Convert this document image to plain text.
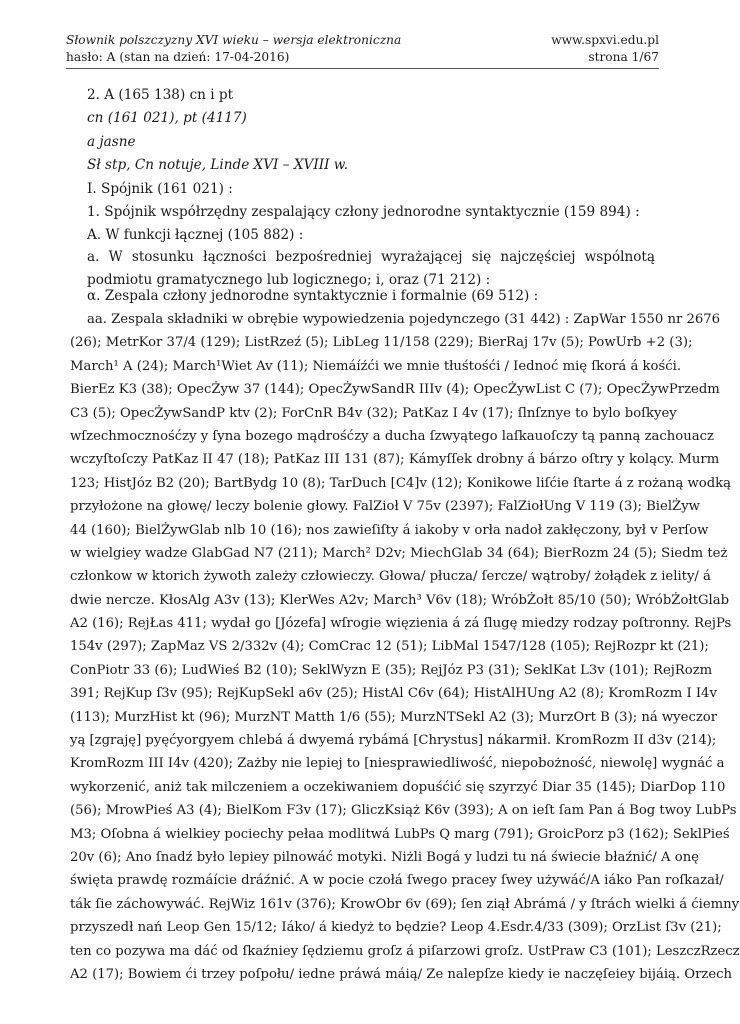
Słownik polszczyzny XVI wieku – wersja elektroniczna	www.spxvi.edu.pl
hasło: A (stan na dzień: 17-04-2016)	strona 1/67
2. A (165 138) cn i pt
cn (161 021), pt (4117)
a jasne
Sł stp, Cn notuje, Linde XVI – XVIII w.
I. Spójnik (161 021) :
1. Spójnik współrzędny zespalający człony jednorodne syntaktycznie (159 894) :
A. W funkcji łącznej (105 882) :
a. W stosunku łączności bezpośredniej wyrażającej się najczęściej wspólnotą podmiotu gramatycznego lub logicznego; i, oraz (71 212) :
α. Zespala człony jednorodne syntaktycznie i formalnie (69 512) :
aa. Zespala składniki w obrębie wypowiedzenia pojedynczego (31 442) : ZapWar 1550 nr 2676
(26); MetrKor 37/4 (129); ListRzeź (5); LibLeg 11/158 (229); BierRaj 17v (5); PowUrb +2 (3);
March¹ A (24); March¹Wiet Av (11); Niemáíźći we mnie tłuśtośći / Iednoć mię ſkorá á kośći.
BierEz K3 (38); OpecŻyw 37 (144); OpecŻywSandR IIIv (4); OpecŻywList C (7); OpecŻywPrzedm
C3 (5); OpecŻywSandP ktv (2); ForCnR B4v (32); PatKaz I 4v (17); ſlnſznye to bylo boſkyey
wſzechmocznośćzy y ſyna bozego mądrośćzy a ducha ſzwyątego laſkauoſczy tą panną zachouacz
wczyſtoſczy PatKaz II 47 (18); PatKaz III 131 (87); Kámyſſek drobny á bárzo oſtry y kolący. Murm
123; HistJóz B2 (20); BartBydg 10 (8); TarDuch [C4]v (12); Konikowe liſćie ſtarte á z rożaną wodką
przyłożone na głowę/ leczy bolenie głowy. FalZioł V 75v (2397); FalZiołUng V 119 (3); BielŻyw
44 (160); BielŻywGlab nlb 10 (16); nos zawieſiſty á iakoby v orła nadoł zakłęczony, był v Perſow
w wielgiey wadze GlabGad N7 (211); March² D2v; MiechGlab 34 (64); BierRozm 24 (5); Siedm też
członkow w ktorich żywoth zależy człowieczy. Głowa/ płucza/ ſercze/ wątroby/ żołądek z ielity/ á
dwie nercze. KłosAlg A3v (13); KlerWes A2v; March³ V6v (18); WróbŻołt 85/10 (50); WróbŻołtGlab
A2 (16); RejŁas 411; wydał go [Józefa] wſrogie więzienia á zá ſlugę miedzy rodzay poſtronny. RejPs
154v (297); ZapMaz VS 2/332v (4); ComCrac 12 (51); LibMal 1547/128 (105); RejRozpr kt (21);
ConPiotr 33 (6); LudWieś B2 (10); SeklWyzn E (35); RejJóz P3 (31); SeklKat L3v (101); RejRozm
391; RejKup ſ3v (95); RejKupSekl a6v (25); HistAl C6v (64); HistAlHUng A2 (8); KromRozm I I4v
(113); MurzHist kt (96); MurzNT Matth 1/6 (55); MurzNTSekl A2 (3); MurzOrt B (3); ná wyeczor
yą [zgraję] pyęćyorgyem chlebá á dwyemá rybámá [Chrystus] nákarmił. KromRozm II d3v (214);
KromRozm III I4v (420); Zażby nie lepiej to [niesprawiedliwość, niepobożność, niewolę] wygnáć a
wykorzenić, aniż tak milczeniem a oczekiwaniem dopuśćić się szyrzyć Diar 35 (145); DiarDop 110
(56); MrowPieś A3 (4); BielKom F3v (17); GliczKsiąż K6v (393); A on ieſt ſam Pan á Bog twoy LubPs
M3; Oſobna á wielkiey pociechy pełaa modlitwá LubPs Q marg (791); GroicPorz p3 (162); SeklPieś
20v (6); Ano ſnadź było lepiey pilnowáć motyki. Niżli Bogá y ludzi tu ná świecie błaźnić/ A onę
święta prawdę rozmáície dráźnić. A w pocie czołá ſwego pracey ſwey używáć/A iáko Pan roſkazał/
ták ſie záchowywáć. RejWiz 161v (376); KrowObr 6v (69); ſen ziął Abrámá / y ſtrách wielki á ćiemny
przyszedł nań Leop Gen 15/12; Iáko/ á kiedyż to będzie? Leop 4.Esdr.4/33 (309); OrzList ſ3v (21);
ten co pozywa ma dáć od ſkaźniey ſędziemu groſz á piſarzowi groſz. UstPraw C3 (101); LeszczRzecz
A2 (17); Bowiem ći trzey poſpołu/ iedne práwá máią/ Ze nalepſze kiedy ie naczęſeiey bijáią. Orzech
